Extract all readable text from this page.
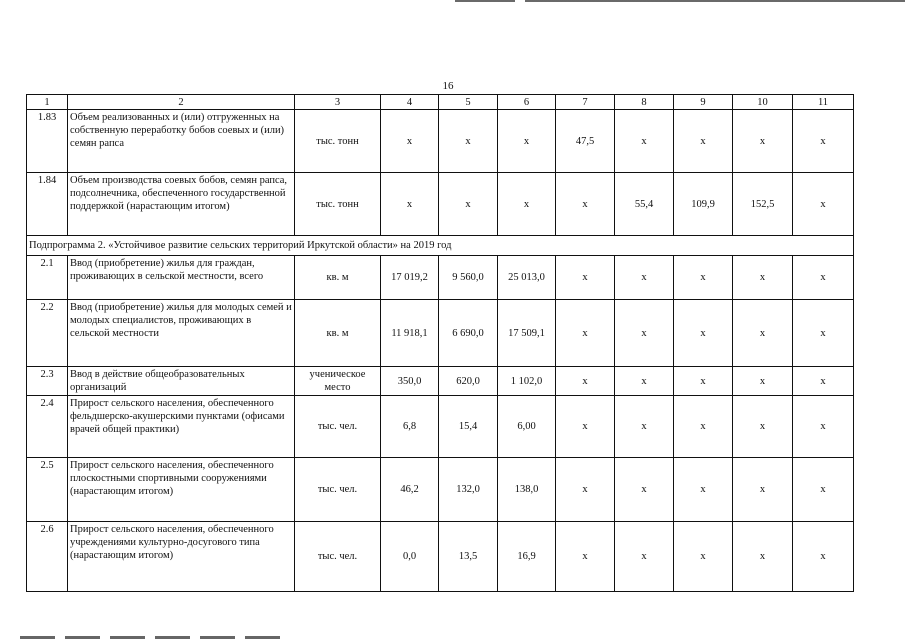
16
1	2	3	4	5	6	7	8	9	10	11
1.83	Объем реализованных и (или) отгруженных на собственную переработку бобов соевых и (или) семян рапса	тыс. тонн	х	х	х	47,5	х	х	х	х
1.84	Объем производства соевых бобов, семян рапса, подсолнечника, обеспеченного государственной поддержкой (нарастающим итогом)	тыс. тонн	х	х	х	х	55,4	109,9	152,5	х
Подпрограмма 2. «Устойчивое развитие сельских территорий Иркутской области» на 2019 год										
2.1	Ввод (приобретение) жилья для граждан, проживающих в сельской местности, всего	кв. м	17 019,2	9 560,0	25 013,0	х	х	х	х	х
2.2	Ввод (приобретение) жилья для молодых семей и молодых специалистов, проживающих в сельской местности	кв. м	11 918,1	6 690,0	17 509,1	х	х	х	х	х
2.3	Ввод в действие общеобразовательных организаций	ученическое место	350,0	620,0	1 102,0	х	х	х	х	х
2.4	Прирост сельского населения, обеспеченного фельдшерско-акушерскими пунктами (офисами врачей общей практики)	тыс. чел.	6,8	15,4	6,00	х	х	х	х	х
2.5	Прирост сельского населения, обеспеченного плоскостными спортивными сооружениями (нарастающим итогом)	тыс. чел.	46,2	132,0	138,0	х	х	х	х	х
2.6	Прирост сельского населения, обеспеченного учреждениями культурно-досугового типа (нарастающим итогом)	тыс. чел.	0,0	13,5	16,9	х	х	х	х	х
